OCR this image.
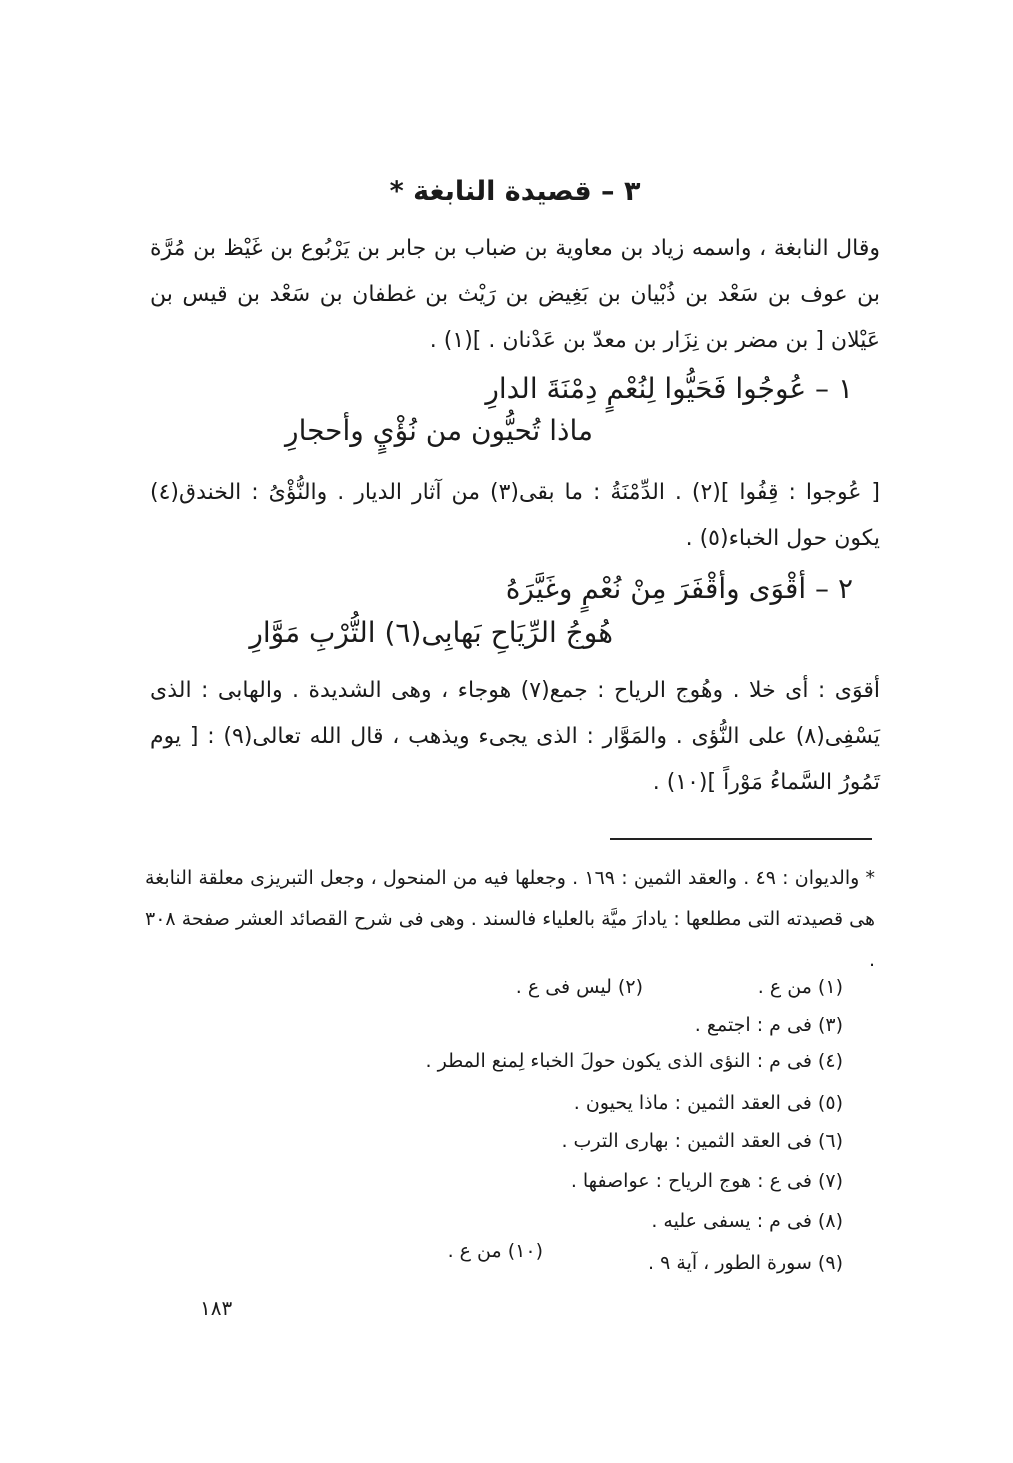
٣ – قصيدة النابغة *
وقال النابغة ، واسمه زياد بن معاوية بن ضباب بن جابر بن يَرْبُوع بن غَيْظ بن مُرَّة بن عوف بن سَعْد بن ذُبْيان بن بَغِيض بن رَيْث بن غطفان بن سَعْد بن قيس بن عَيْلان [ بن مضر بن نِزَار بن معدّ بن عَدْنان . ](١) .
١ – عُوجُوا فَحَيُّوا لِنُعْمٍ دِمْنَةَ الدارِ
ماذا تُحيُّون من نُؤْيٍ وأحجارِ
[ عُوجوا : قِفُوا ](٢) . الدِّمْنَةُ : ما بقى(٣) من آثار الديار . والنُّؤْىُ : الخندق(٤) يكون حول الخباء(٥) .
٢ – أقْوَى وأقْفَرَ مِنْ نُعْمٍ وغَيَّرَهُ
هُوجُ الرِّيَاحِ بَهابِى(٦) التُّرْبِ مَوَّارِ
أقوَى : أى خلا . وهُوج الرياح : جمع(٧) هوجاء ، وهى الشديدة . والهابى : الذى يَسْفِى(٨) على النُّؤى . والمَوَّار : الذى يجىء ويذهب ، قال الله تعالى(٩) : [ يوم تَمُورُ السَّماءُ مَوْراً ](١٠) .
* والديوان : ٤٩ . والعقد الثمين : ١٦٩ . وجعلها فيه من المنحول ، وجعل التبريزى معلقة النابغة هى قصيدته التى مطلعها : يادارَ ميَّة بالعلياء فالسند . وهى فى شرح القصائد العشر صفحة ٣٠٨ .
(١) من ع .
(٢) ليس فى ع .
(٣) فى م : اجتمع .
(٤) فى م : النؤى الذى يكون حولَ الخباء لِمنع المطر .
(٥) فى العقد الثمين : ماذا يحيون .
(٦) فى العقد الثمين : بهارى الترب .
(٧) فى ع : هوج الرياح : عواصفها .
(٨) فى م : يسفى عليه .
(٩) سورة الطور ، آية ٩ .
(١٠) من ع .
١٨٣
